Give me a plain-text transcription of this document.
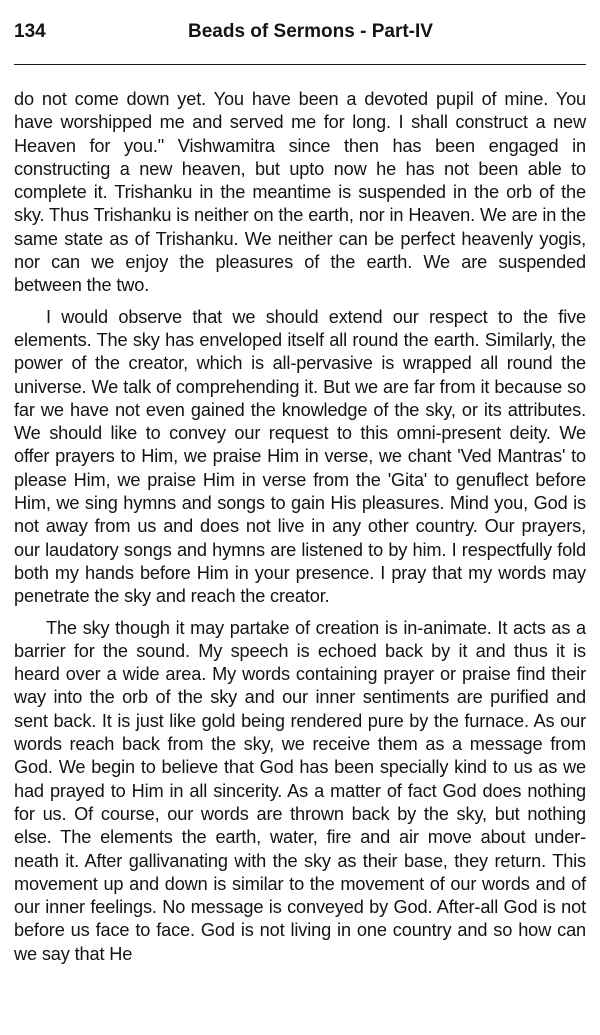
134	Beads of Sermons - Part-IV

do not come down yet. You have been a devoted pupil of mine. You have worshipped me and served me for long. I shall construct a new Heaven for you." Vishwamitra since then has been engaged in constructing a new heaven, but upto now he has not been able to complete it. Trishanku in the meantime is suspended in the orb of the sky. Thus Trishanku is neither on the earth, nor in Heaven. We are in the same state as of Trishanku. We neither can be perfect heavenly yogis, nor can we enjoy the pleasures of the earth. We are suspended between the two.

I would observe that we should extend our respect to the five elements. The sky has enveloped itself all round the earth. Similarly, the power of the creator, which is all-pervasive is wrapped all round the universe. We talk of comprehending it. But we are far from it because so far we have not even gained the knowledge of the sky, or its attributes. We should like to convey our request to this omni-present deity. We offer prayers to Him, we praise Him in verse, we chant 'Ved Mantras' to please Him, we praise Him in verse from the 'Gita' to genuflect before Him, we sing hymns and songs to gain His pleasures. Mind you, God is not away from us and does not live in any other country. Our prayers, our laudatory songs and hymns are listened to by him. I respectfully fold both my hands before Him in your presence. I pray that my words may penetrate the sky and reach the creator.

The sky though it may partake of creation is in-animate. It acts as a barrier for the sound. My speech is echoed back by it and thus it is heard over a wide area. My words containing prayer or praise find their way into the orb of the sky and our inner sentiments are purified and sent back. It is just like gold being rendered pure by the furnace. As our words reach back from the sky, we receive them as a message from God. We begin to believe that God has been specially kind to us as we had prayed to Him in all sincerity. As a matter of fact God does nothing for us. Of course, our words are thrown back by the sky, but nothing else. The elements the earth, water, fire and air move about under-neath it. After gallivanating with the sky as their base, they return. This movement up and down is similar to the movement of our words and of our inner feelings. No message is conveyed by God. After-all God is not before us face to face. God is not living in one country and so how can we say that He
